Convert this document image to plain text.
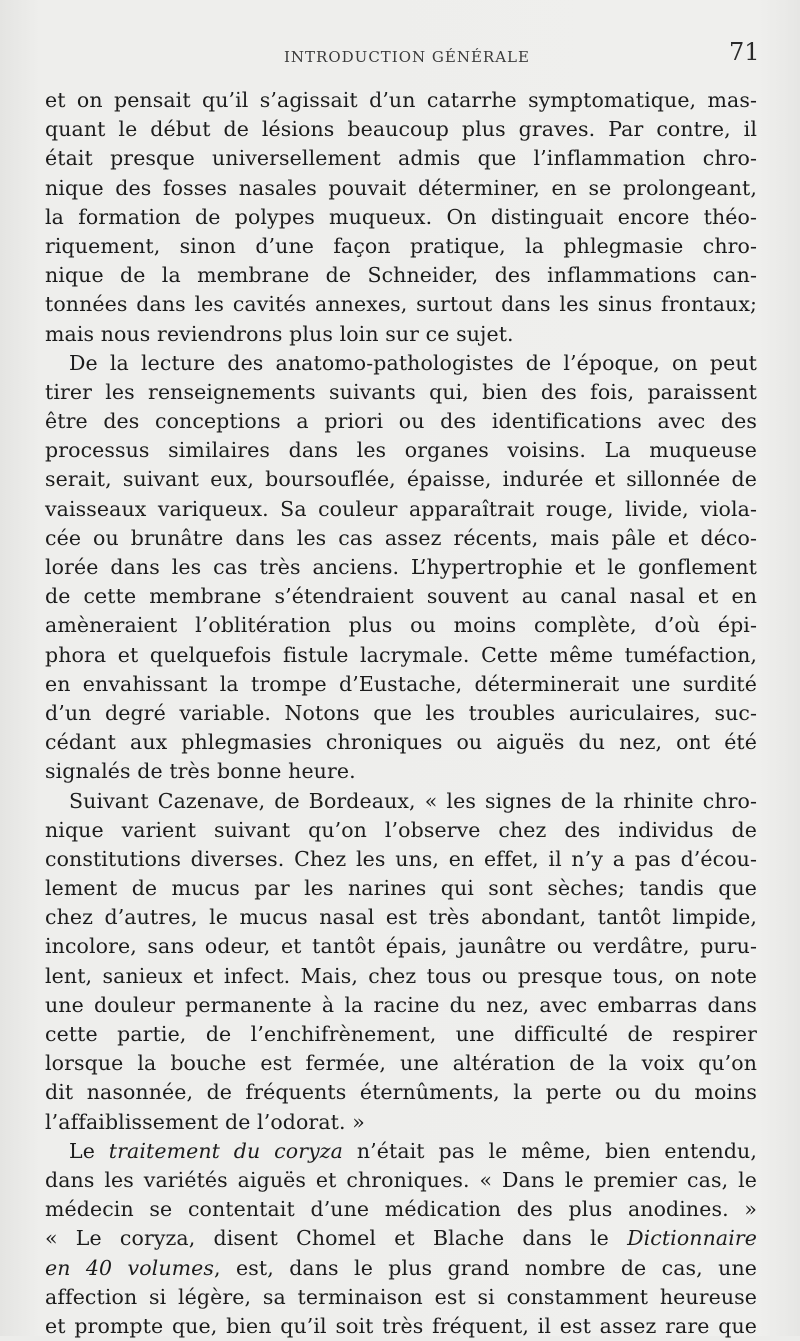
INTRODUCTION GÉNÉRALE	71
et on pensait qu’il s’agissait d’un catarrhe symptomatique, mas-
quant le début de lésions beaucoup plus graves. Par contre, il
était presque universellement admis que l’inflammation chro-
nique des fosses nasales pouvait déterminer, en se prolongeant,
la formation de polypes muqueux. On distinguait encore théo-
riquement, sinon d’une façon pratique, la phlegmasie chro-
nique de la membrane de Schneider, des inflammations can-
tonnées dans les cavités annexes, surtout dans les sinus frontaux;
mais nous reviendrons plus loin sur ce sujet.
De la lecture des anatomo-pathologistes de l’époque, on peut
tirer les renseignements suivants qui, bien des fois, paraissent
être des conceptions a priori ou des identifications avec des
processus similaires dans les organes voisins. La muqueuse
serait, suivant eux, boursouflée, épaisse, indurée et sillonnée de
vaisseaux variqueux. Sa couleur apparaîtrait rouge, livide, viola-
cée ou brunâtre dans les cas assez récents, mais pâle et déco-
lorée dans les cas très anciens. L’hypertrophie et le gonflement
de cette membrane s’étendraient souvent au canal nasal et en
amèneraient l’oblitération plus ou moins complète, d’où épi-
phora et quelquefois fistule lacrymale. Cette même tuméfaction,
en envahissant la trompe d’Eustache, déterminerait une surdité
d’un degré variable. Notons que les troubles auriculaires, suc-
cédant aux phlegmasies chroniques ou aiguës du nez, ont été
signalés de très bonne heure.
Suivant Cazenave, de Bordeaux, « les signes de la rhinite chro-
nique varient suivant qu’on l’observe chez des individus de
constitutions diverses. Chez les uns, en effet, il n’y a pas d’écou-
lement de mucus par les narines qui sont sèches; tandis que
chez d’autres, le mucus nasal est très abondant, tantôt limpide,
incolore, sans odeur, et tantôt épais, jaunâtre ou verdâtre, puru-
lent, sanieux et infect. Mais, chez tous ou presque tous, on note
une douleur permanente à la racine du nez, avec embarras dans
cette partie, de l’enchifrènement, une difficulté de respirer
lorsque la bouche est fermée, une altération de la voix qu’on
dit nasonnée, de fréquents éternûments, la perte ou du moins
l’affaiblissement de l’odorat. »
Le traitement du coryza n’était pas le même, bien entendu,
dans les variétés aiguës et chroniques. « Dans le premier cas, le
médecin se contentait d’une médication des plus anodines. »
« Le coryza, disent Chomel et Blache dans le Dictionnaire
en 40 volumes, est, dans le plus grand nombre de cas, une
affection si légère, sa terminaison est si constamment heureuse
et prompte que, bien qu’il soit très fréquent, il est assez rare que
